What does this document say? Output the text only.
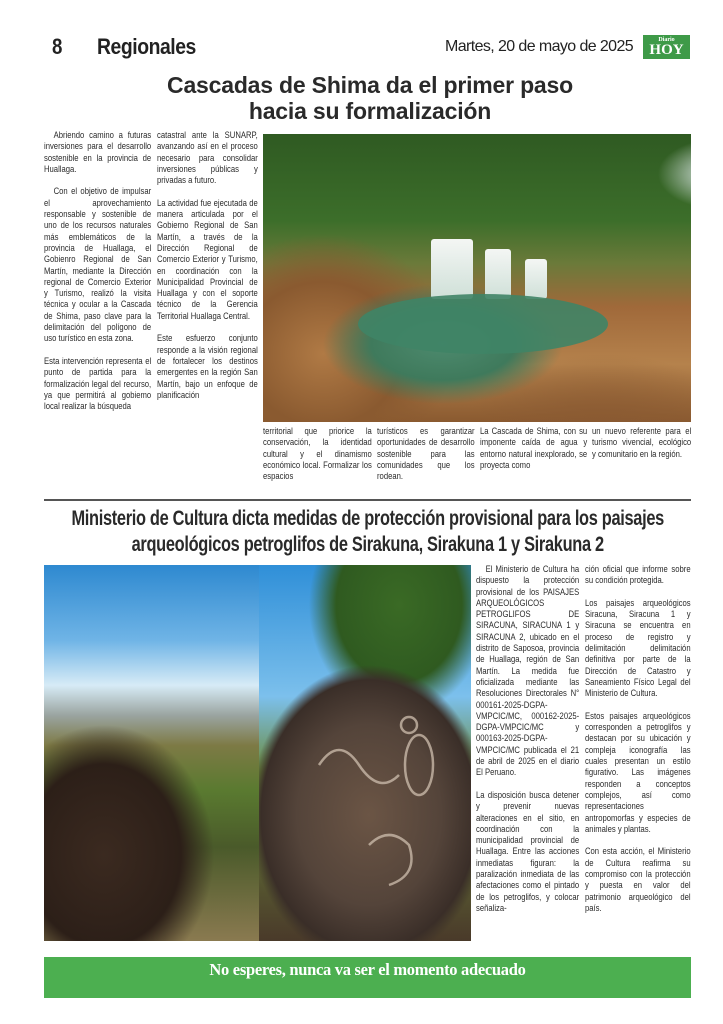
8 Regionales	Martes, 20 de mayo de 2025	Diario
HOY
Cascadas de Shima da el primer paso hacia su formalización

Abriendo camino a futuras inversiones para el desarrollo sostenible en la provincia de Huallaga.

Con el objetivo de impulsar el aprovechamiento responsable y sostenible de uno de los recursos naturales más emblemáticos de la provincia de Huallaga, el Gobienro Regional de San Martín, mediante la Dirección regional de Comercio Exterior y Turismo, realizó la visita técnica y ocular a la Cascada de Shima, paso clave para la delimitación del polígono de uso turístico en esta zona.

Esta intervención representa el punto de partida para la formalización legal del recurso, ya que permitirá al gobiemo local realizar la búsqueda

catastral ante la SUNARP, avanzando así en el proceso necesario para consolidar inversiones públicas y privadas a futuro.

La actividad fue ejecutada de manera articulada por el Gobierno Regional de San Martín, a través de la Dirección Regional de Comercio Exterior y Turismo, en coordinación con la Municipalidad Provincial de Huallaga y con el soporte técnico de la Gerencia Territorial Huallaga Central.

Este esfuerzo conjunto responde a la visión regional de fortalecer los destinos emergentes en la región San Martín, bajo un enfoque de planificación

territorial que priorice la conservación, la identidad cultural y el dinamismo económico local. Formalizar los espacios
turísticos es garantizar oportunidades de desarrollo sostenible para las comunidades que los rodean.
La Cascada de Shima, con su imponente caída de agua y entorno natural inexplorado, se proyecta como
un nuevo referente para el turismo vivencial, ecológico y comunitario en la región.
Ministerio de Cultura dicta medidas de protección provisional para los paisajes arqueológicos petroglifos de Sirakuna, Sirakuna 1 y Sirakuna 2

El Ministerio de Cultura ha dispuesto la protección provisional de los PAISAJES ARQUEOLÓGICOS PETROGLIFOS DE SIRACUNA, SIRACUNA 1 y SIRACUNA 2, ubicado en el distrito de Saposoa, provincia de Huallaga, región de San Martín. La medida fue oficializada mediante las Resoluciones Directorales N° 000161-2025-DGPA-VMPCIC/MC, 000162-2025-DGPA-VMPCIC/MC y 000163-2025-DGPA-VMPCIC/MC publicada el 21 de abril de 2025 en el diario El Peruano.

La disposición busca detener y prevenir nuevas alteraciones en el sitio, en coordinación con la municipalidad provincial de Huallaga. Entre las acciones inmediatas figuran: la paralización inmediata de las afectaciones como el pintado de los petroglifos, y colocar señaliza-

ción oficial que informe sobre su condición protegida.

Los paisajes arqueológicos Siracuna, Siracuna 1 y Siracuna se encuentra en proceso de registro y delimitación delimitación definitiva por parte de la Dirección de Catastro y Saneamiento Físico Legal del Ministerio de Cultura.

Estos paisajes arqueológicos corresponden a petroglifos y destacan por su ubicación y compleja iconografía las cuales presentan un estilo figurativo. Las imágenes responden a conceptos complejos, así como representaciones antropomorfas y especies de animales y plantas.

Con esta acción, el Ministerio de Cultura reafirma su compromiso con la protección y puesta en valor del patrimonio arqueológico del país.

No esperes, nunca va ser el momento adecuado
